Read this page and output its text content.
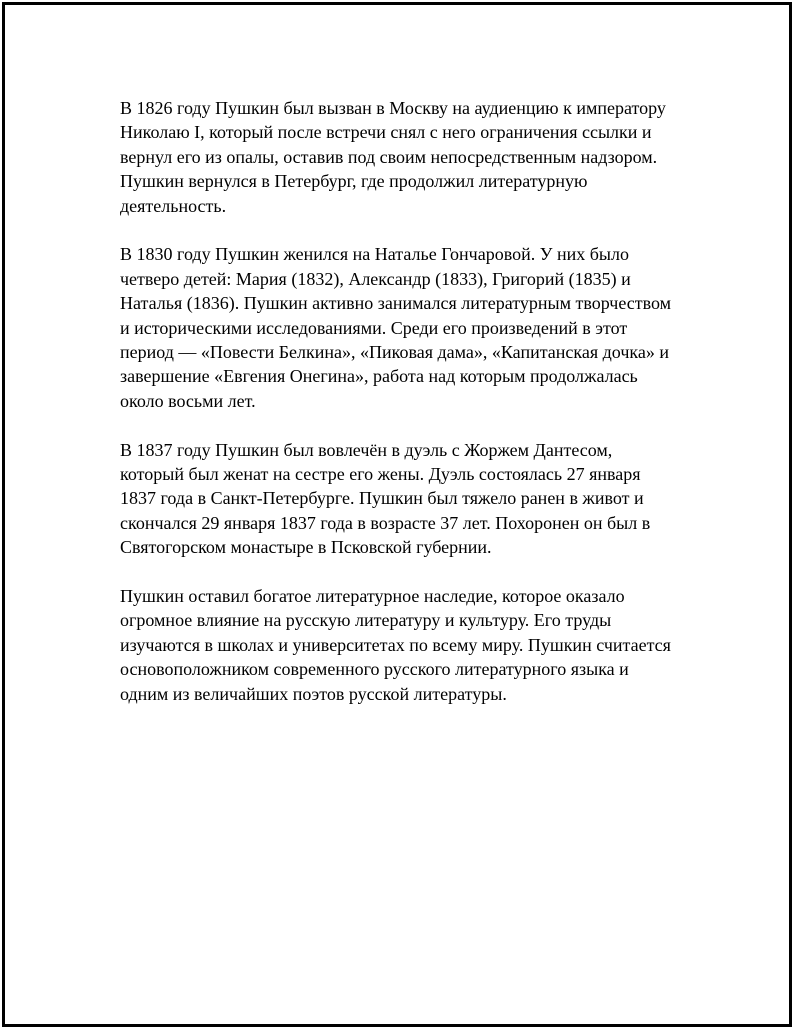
В 1826 году Пушкин был вызван в Москву на аудиенцию к императору
Николаю I, который после встречи снял с него ограничения ссылки и
вернул его из опалы, оставив под своим непосредственным надзором.
Пушкин вернулся в Петербург, где продолжил литературную
деятельность.

В 1830 году Пушкин женился на Наталье Гончаровой. У них было
четверо детей: Мария (1832), Александр (1833), Григорий (1835) и
Наталья (1836). Пушкин активно занимался литературным творчеством
и историческими исследованиями. Среди его произведений в этот
период — «Повести Белкина», «Пиковая дама», «Капитанская дочка» и
завершение «Евгения Онегина», работа над которым продолжалась
около восьми лет.

В 1837 году Пушкин был вовлечён в дуэль с Жоржем Дантесом,
который был женат на сестре его жены. Дуэль состоялась 27 января
1837 года в Санкт-Петербурге. Пушкин был тяжело ранен в живот и
скончался 29 января 1837 года в возрасте 37 лет. Похоронен он был в
Святогорском монастыре в Псковской губернии.

Пушкин оставил богатое литературное наследие, которое оказало
огромное влияние на русскую литературу и культуру. Его труды
изучаются в школах и университетах по всему миру. Пушкин считается
основоположником современного русского литературного языка и
одним из величайших поэтов русской литературы.
